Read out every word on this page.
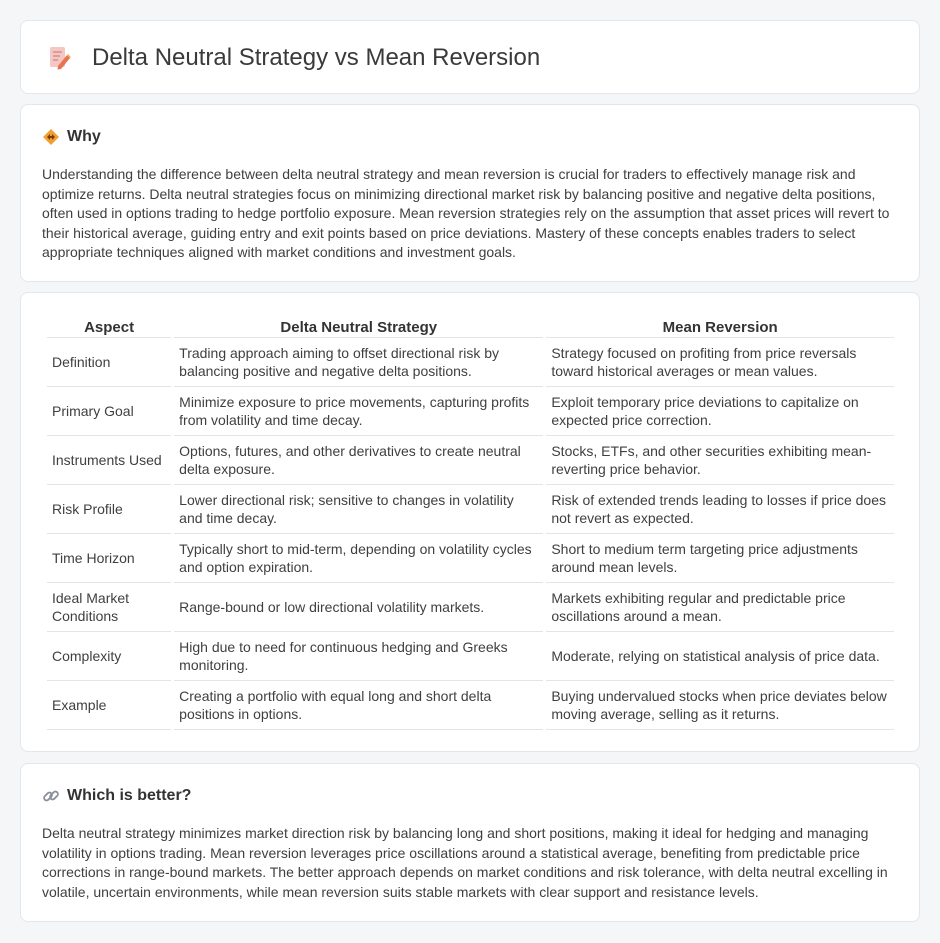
Delta Neutral Strategy vs Mean Reversion
Why

Understanding the difference between delta neutral strategy and mean reversion is crucial for traders to effectively manage risk and optimize returns. Delta neutral strategies focus on minimizing directional market risk by balancing positive and negative delta positions, often used in options trading to hedge portfolio exposure. Mean reversion strategies rely on the assumption that asset prices will revert to their historical average, guiding entry and exit points based on price deviations. Mastery of these concepts enables traders to select appropriate techniques aligned with market conditions and investment goals.

Aspect	Delta Neutral Strategy	Mean Reversion
Definition	Trading approach aiming to offset directional risk by balancing positive and negative delta positions.	Strategy focused on profiting from price reversals toward historical averages or mean values.
Primary Goal	Minimize exposure to price movements, capturing profits from volatility and time decay.	Exploit temporary price deviations to capitalize on expected price correction.
Instruments Used	Options, futures, and other derivatives to create neutral delta exposure.	Stocks, ETFs, and other securities exhibiting mean-reverting price behavior.
Risk Profile	Lower directional risk; sensitive to changes in volatility and time decay.	Risk of extended trends leading to losses if price does not revert as expected.
Time Horizon	Typically short to mid-term, depending on volatility cycles and option expiration.	Short to medium term targeting price adjustments around mean levels.
Ideal Market Conditions	Range-bound or low directional volatility markets.	Markets exhibiting regular and predictable price oscillations around a mean.
Complexity	High due to need for continuous hedging and Greeks monitoring.	Moderate, relying on statistical analysis of price data.
Example	Creating a portfolio with equal long and short delta positions in options.	Buying undervalued stocks when price deviates below moving average, selling as it returns.
Which is better?

Delta neutral strategy minimizes market direction risk by balancing long and short positions, making it ideal for hedging and managing volatility in options trading. Mean reversion leverages price oscillations around a statistical average, benefiting from predictable price corrections in range-bound markets. The better approach depends on market conditions and risk tolerance, with delta neutral excelling in volatile, uncertain environments, while mean reversion suits stable markets with clear support and resistance levels.
